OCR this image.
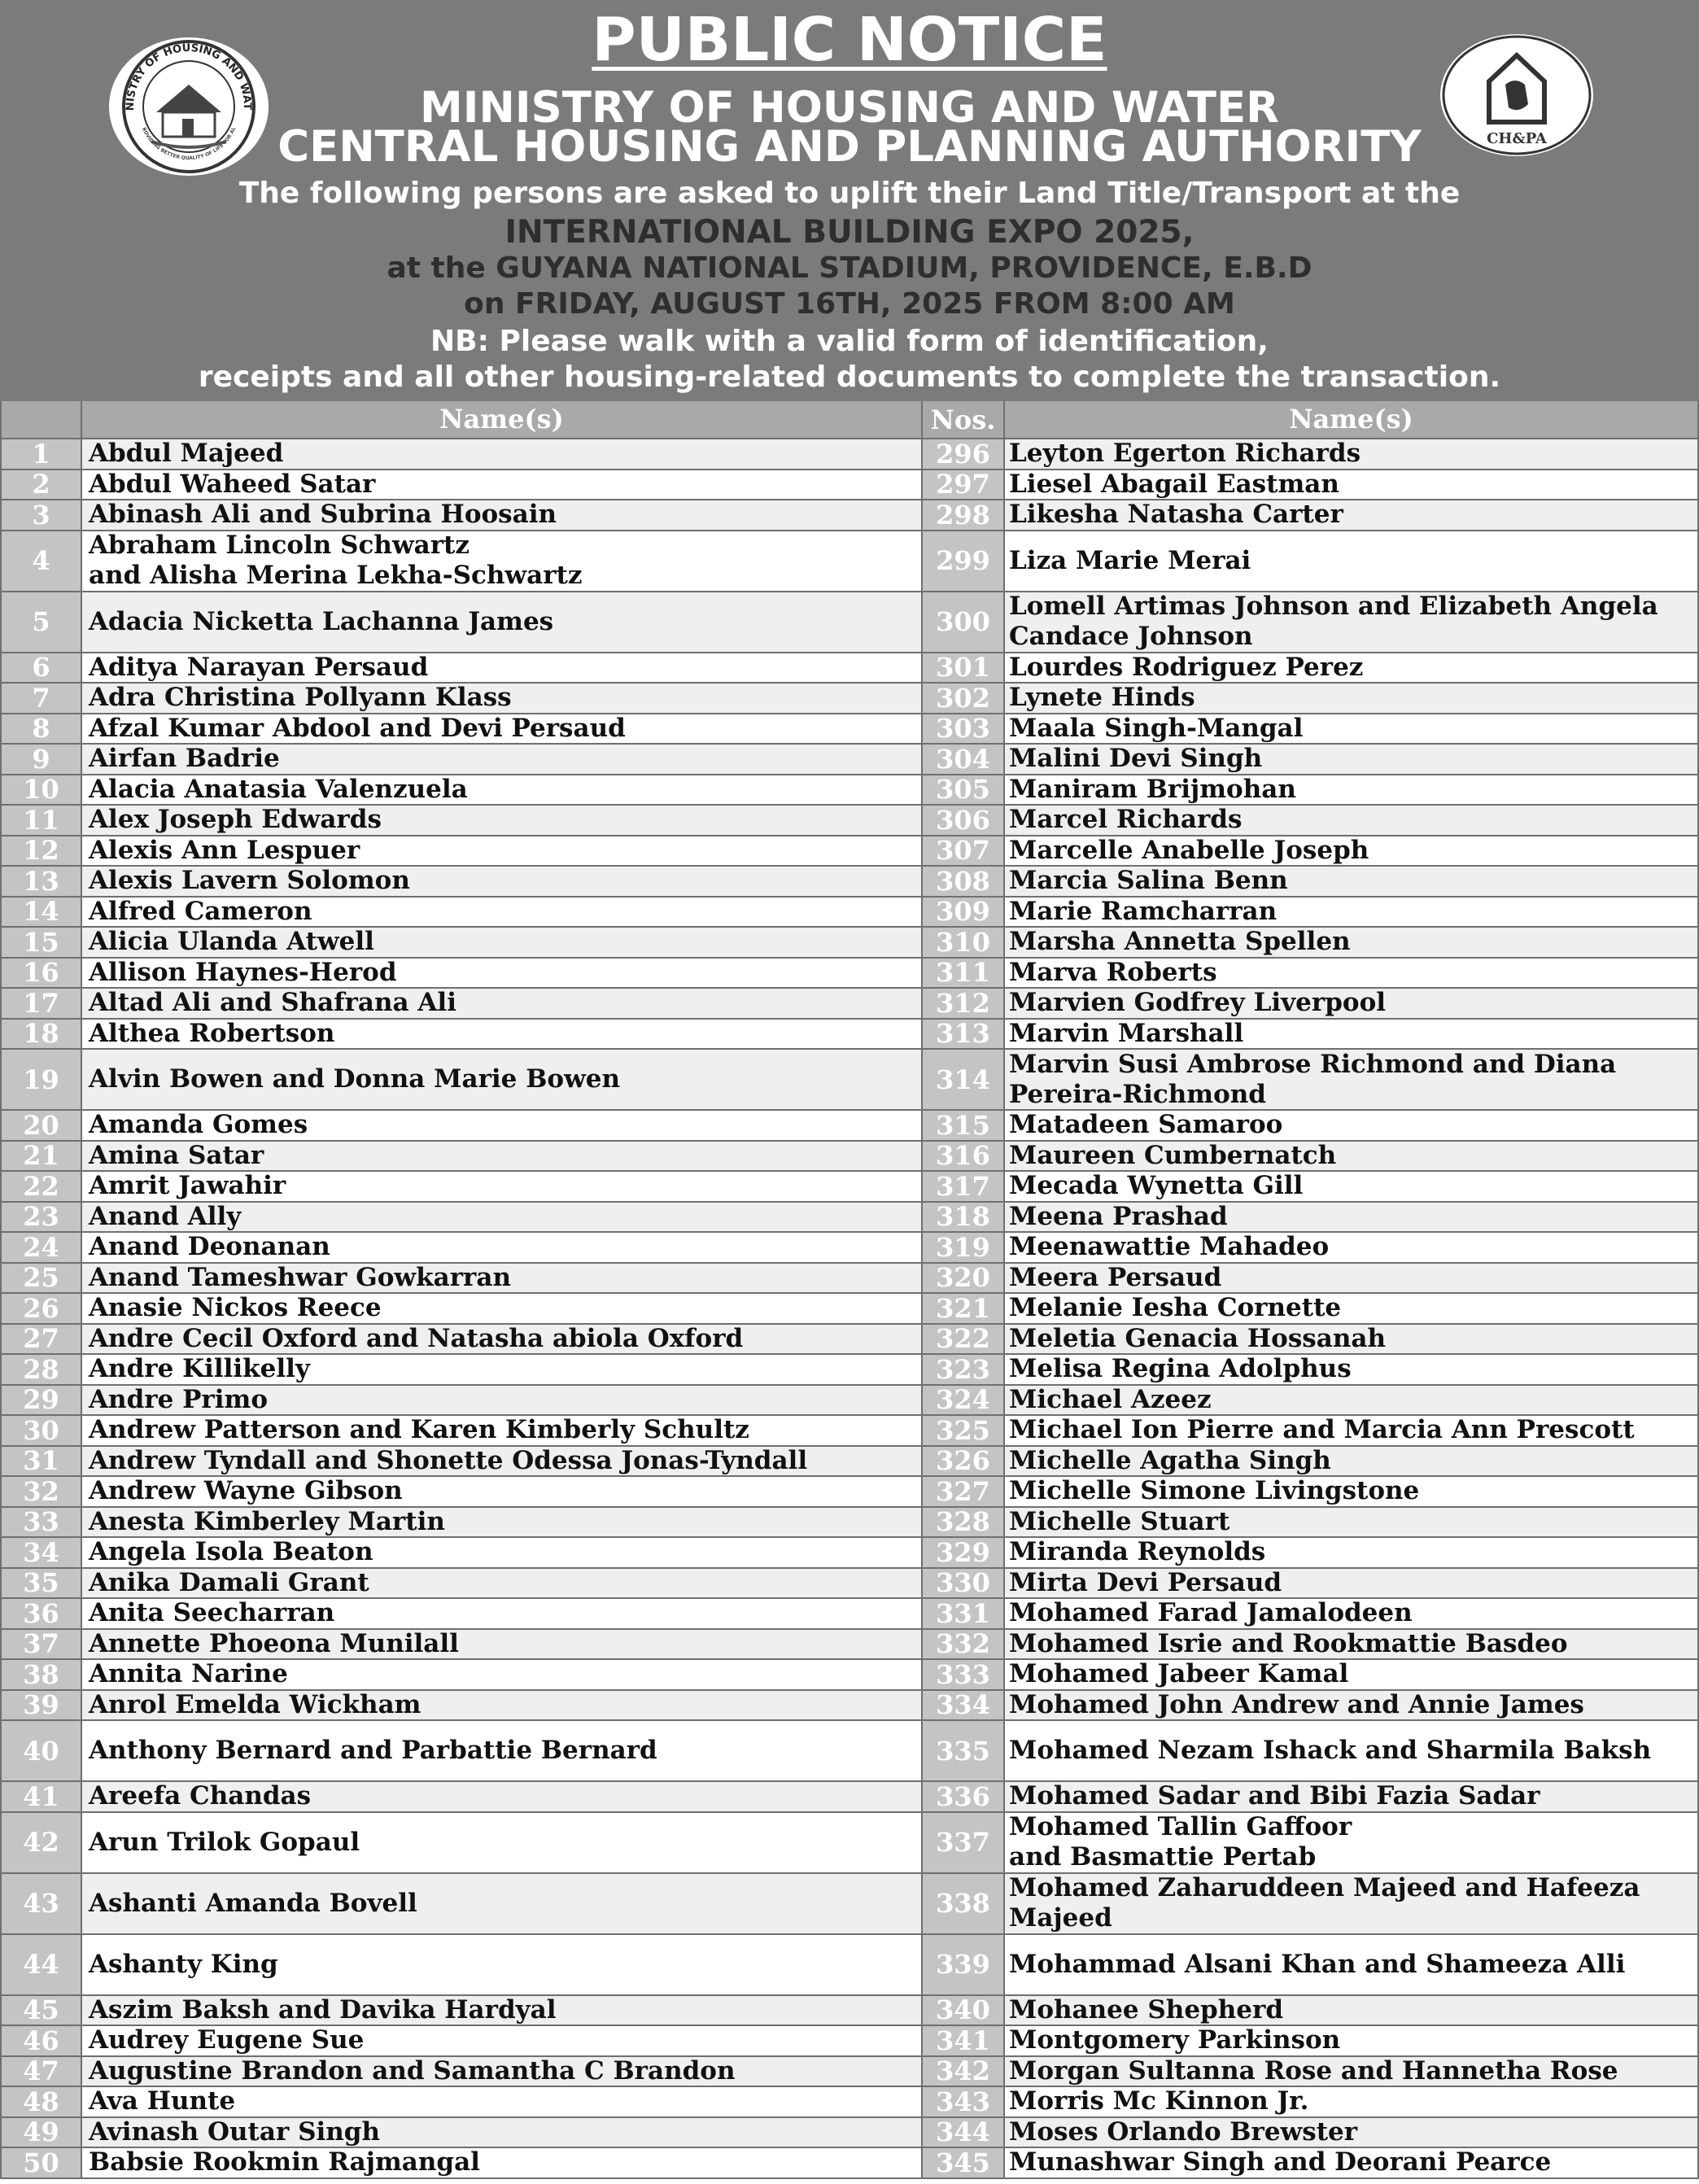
NISTRY OF HOUSING AND WAT
ROVIDING BETTER QUALITY OF LIFE FOR AL
CH&PA
PUBLIC NOTICE
MINISTRY OF HOUSING AND WATER
CENTRAL HOUSING AND PLANNING AUTHORITY
The following persons are asked to uplift their Land Title/Transport at the
INTERNATIONAL BUILDING EXPO 2025,
at the GUYANA NATIONAL STADIUM, PROVIDENCE, E.B.D
on FRIDAY, AUGUST 16TH, 2025 FROM 8:00 AM
NB: Please walk with a valid form of identification,
receipts and all other housing-related documents to complete the transaction.
Name(s)	Nos.	Name(s)
1 Abdul Majeed	296 Leyton Egerton Richards
2 Abdul Waheed Satar	297 Liesel Abagail Eastman
3 Abinash Ali and Subrina Hoosain	298 Likesha Natasha Carter
4 Abraham Lincoln Schwartz
and Alisha Merina Lekha-Schwartz	299 Liza Marie Merai
5 Adacia Nicketta Lachanna James	300 Lomell Artimas Johnson and Elizabeth Angela
Candace Johnson
6 Aditya Narayan Persaud	301 Lourdes Rodriguez Perez
7 Adra Christina Pollyann Klass	302 Lynete Hinds
8 Afzal Kumar Abdool and Devi Persaud	303 Maala Singh-Mangal
9 Airfan Badrie	304 Malini Devi Singh
10 Alacia Anatasia Valenzuela	305 Maniram Brijmohan
11 Alex Joseph Edwards	306 Marcel Richards
12 Alexis Ann Lespuer	307 Marcelle Anabelle Joseph
13 Alexis Lavern Solomon	308 Marcia Salina Benn
14 Alfred Cameron	309 Marie Ramcharran
15 Alicia Ulanda Atwell	310 Marsha Annetta Spellen
16 Allison Haynes-Herod	311 Marva Roberts
17 Altad Ali and Shafrana Ali	312 Marvien Godfrey Liverpool
18 Althea Robertson	313 Marvin Marshall
19 Alvin Bowen and Donna Marie Bowen	314 Marvin Susi Ambrose Richmond and Diana
Pereira-Richmond
20 Amanda Gomes	315 Matadeen Samaroo
21 Amina Satar	316 Maureen Cumbernatch
22 Amrit Jawahir	317 Mecada Wynetta Gill
23 Anand Ally	318 Meena Prashad
24 Anand Deonanan	319 Meenawattie Mahadeo
25 Anand Tameshwar Gowkarran	320 Meera Persaud
26 Anasie Nickos Reece	321 Melanie Iesha Cornette
27 Andre Cecil Oxford and Natasha abiola Oxford	322 Meletia Genacia Hossanah
28 Andre Killikelly	323 Melisa Regina Adolphus
29 Andre Primo	324 Michael Azeez
30 Andrew Patterson and Karen Kimberly Schultz	325 Michael Ion Pierre and Marcia Ann Prescott
31 Andrew Tyndall and Shonette Odessa Jonas-Tyndall	326 Michelle Agatha Singh
32 Andrew Wayne Gibson	327 Michelle Simone Livingstone
33 Anesta Kimberley Martin	328 Michelle Stuart
34 Angela Isola Beaton	329 Miranda Reynolds
35 Anika Damali Grant	330 Mirta Devi Persaud
36 Anita Seecharran	331 Mohamed Farad Jamalodeen
37 Annette Phoeona Munilall	332 Mohamed Isrie and Rookmattie Basdeo
38 Annita Narine	333 Mohamed Jabeer Kamal
39 Anrol Emelda Wickham	334 Mohamed John Andrew and Annie James
40 Anthony Bernard and Parbattie Bernard	335 Mohamed Nezam Ishack and Sharmila Baksh
41 Areefa Chandas	336 Mohamed Sadar and Bibi Fazia Sadar
42 Arun Trilok Gopaul	337 Mohamed Tallin Gaffoor
and Basmattie Pertab
43 Ashanti Amanda Bovell	338 Mohamed Zaharuddeen Majeed and Hafeeza
Majeed
44 Ashanty King	339 Mohammad Alsani Khan and Shameeza Alli
45 Aszim Baksh and Davika Hardyal	340 Mohanee Shepherd
46 Audrey Eugene Sue	341 Montgomery Parkinson
47 Augustine Brandon and Samantha C Brandon	342 Morgan Sultanna Rose and Hannetha Rose
48 Ava Hunte	343 Morris Mc Kinnon Jr.
49 Avinash Outar Singh	344 Moses Orlando Brewster
50 Babsie Rookmin Rajmangal	345 Munashwar Singh and Deorani Pearce
